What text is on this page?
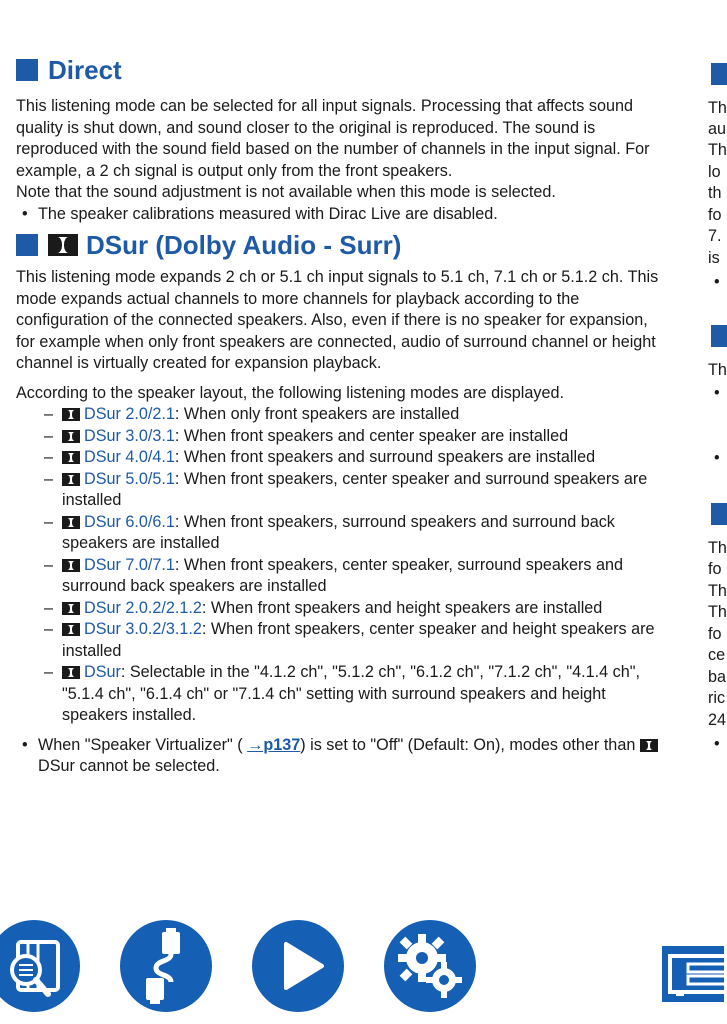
Direct

This listening mode can be selected for all input signals. Processing that affects sound quality is shut down, and sound closer to the original is reproduced. The sound is reproduced with the sound field based on the number of channels in the input signal. For example, a 2 ch signal is output only from the front speakers.

Note that the sound adjustment is not available when this mode is selected.

• The speaker calibrations measured with Dirac Live are disabled.
DSur (Dolby Audio - Surr)

This listening mode expands 2 ch or 5.1 ch input signals to 5.1 ch, 7.1 ch or 5.1.2 ch. This mode expands actual channels to more channels for playback according to the configuration of the connected speakers. Also, even if there is no speaker for expansion, for example when only front speakers are connected, audio of surround channel or height channel is virtually created for expansion playback.

According to the speaker layout, the following listening modes are displayed.

– DSur 2.0/2.1: When only front speakers are installed
– DSur 3.0/3.1: When front speakers and center speaker are installed
– DSur 4.0/4.1: When front speakers and surround speakers are installed
– DSur 5.0/5.1: When front speakers, center speaker and surround speakers are installed
– DSur 6.0/6.1: When front speakers, surround speakers and surround back speakers are installed
– DSur 7.0/7.1: When front speakers, center speaker, surround speakers and surround back speakers are installed
– DSur 2.0.2/2.1.2: When front speakers and height speakers are installed
– DSur 3.0.2/3.1.2: When front speakers, center speaker and height speakers are installed
– DSur: Selectable in the "4.1.2 ch", "5.1.2 ch", "6.1.2 ch", "7.1.2 ch", "4.1.4 ch", "5.1.4 ch", "6.1.4 ch" or "7.1.4 ch" setting with surround speakers and height speakers installed.
• When "Speaker Virtualizer" ( →p137) is set to "Off" (Default: On), modes other than  DSur cannot be selected.
Th
au
Th
lo
th
fo
7.
is
•
Th
•
•
Th
fo
Th
Th
fo
ce
ba
ric
24
•
